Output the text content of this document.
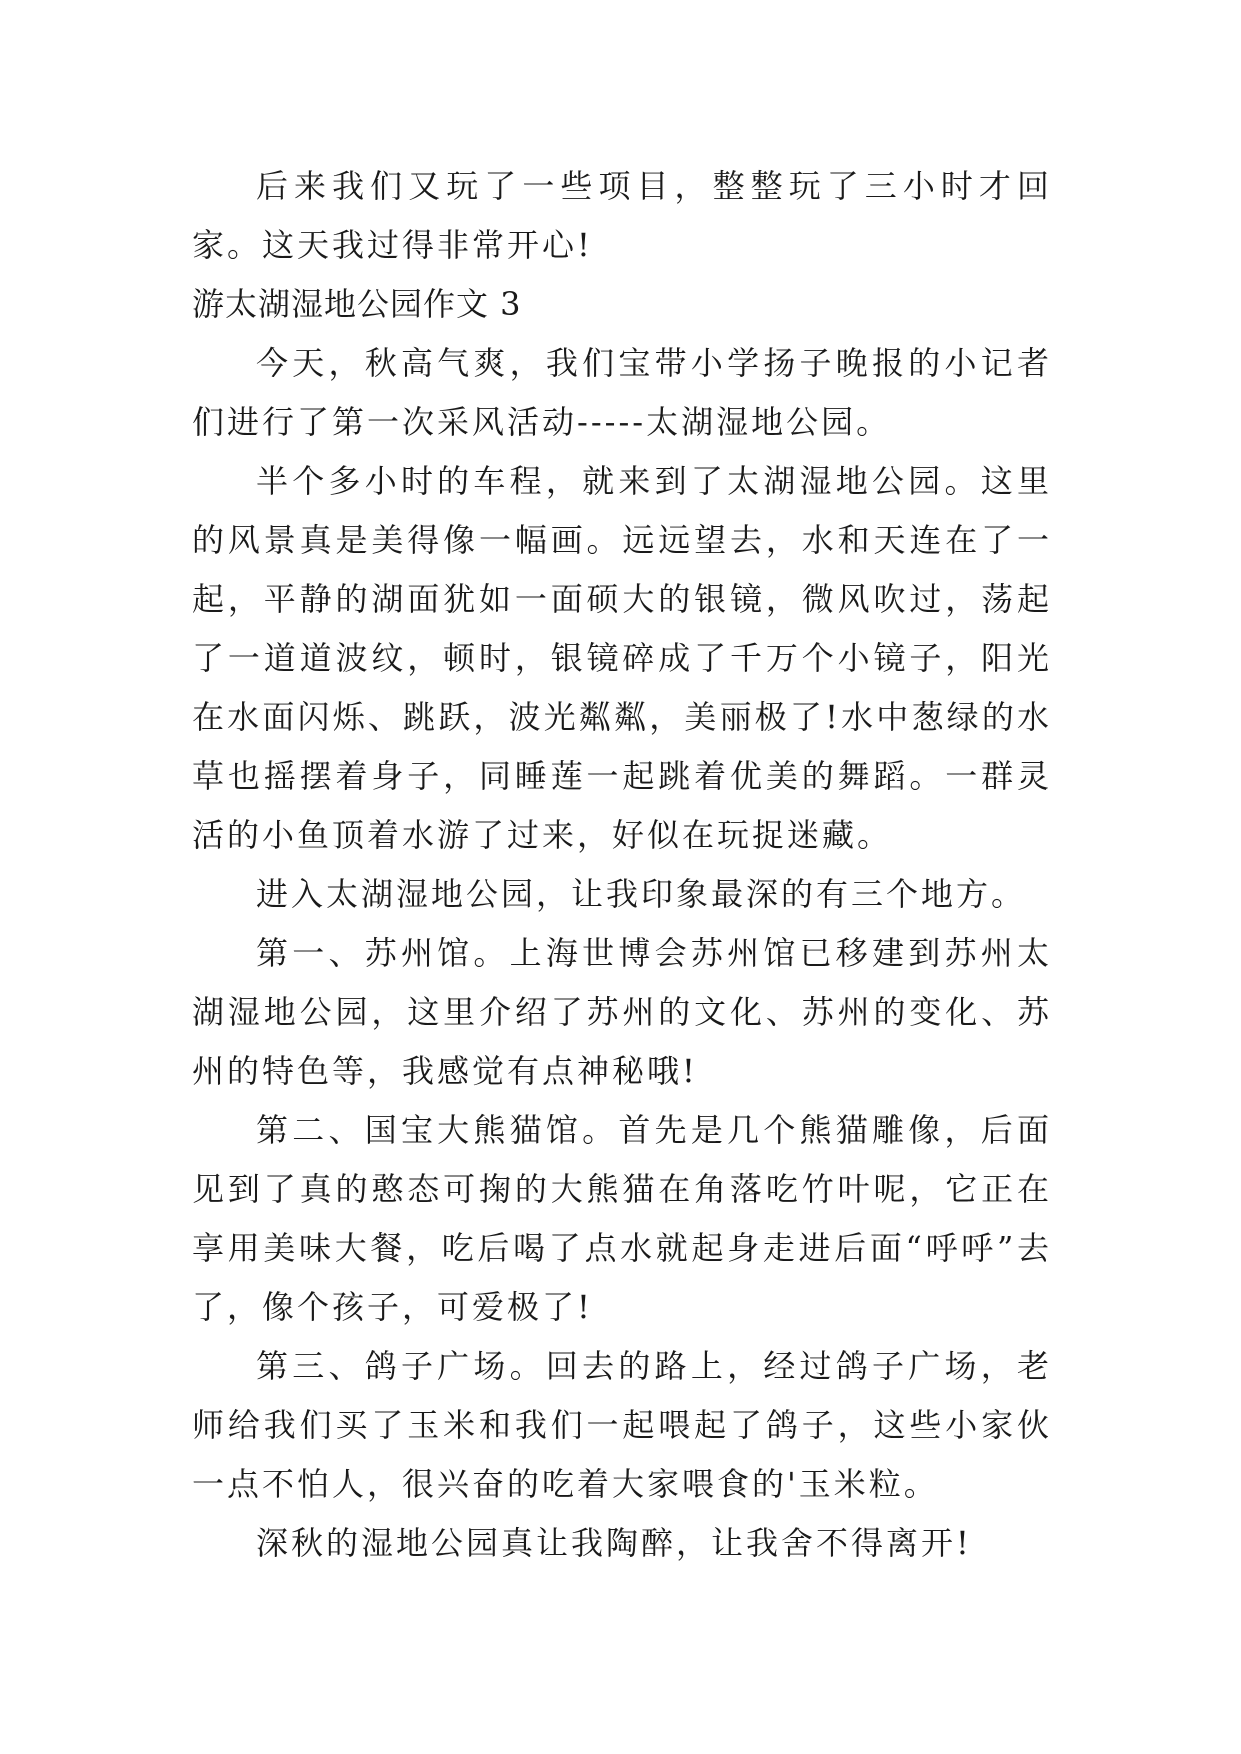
后来我们又玩了一些项目，整整玩了三小时才回家。这天我过得非常开心!

游太湖湿地公园作文 3

今天，秋高气爽，我们宝带小学扬子晚报的小记者们进行了第一次采风活动-----太湖湿地公园。

半个多小时的车程，就来到了太湖湿地公园。这里的风景真是美得像一幅画。远远望去，水和天连在了一起，平静的湖面犹如一面硕大的银镜，微风吹过，荡起了一道道波纹，顿时，银镜碎成了千万个小镜子，阳光在水面闪烁、跳跃，波光粼粼，美丽极了!水中葱绿的水草也摇摆着身子，同睡莲一起跳着优美的舞蹈。一群灵活的小鱼顶着水游了过来，好似在玩捉迷藏。

进入太湖湿地公园，让我印象最深的有三个地方。

第一、苏州馆。上海世博会苏州馆已移建到苏州太湖湿地公园，这里介绍了苏州的文化、苏州的变化、苏州的特色等，我感觉有点神秘哦!

第二、国宝大熊猫馆。首先是几个熊猫雕像，后面见到了真的憨态可掬的大熊猫在角落吃竹叶呢，它正在享用美味大餐，吃后喝了点水就起身走进后面“呼呼”去了，像个孩子，可爱极了!

第三、鸽子广场。回去的路上，经过鸽子广场，老师给我们买了玉米和我们一起喂起了鸽子，这些小家伙一点不怕人，很兴奋的吃着大家喂食的'玉米粒。

深秋的湿地公园真让我陶醉，让我舍不得离开!
